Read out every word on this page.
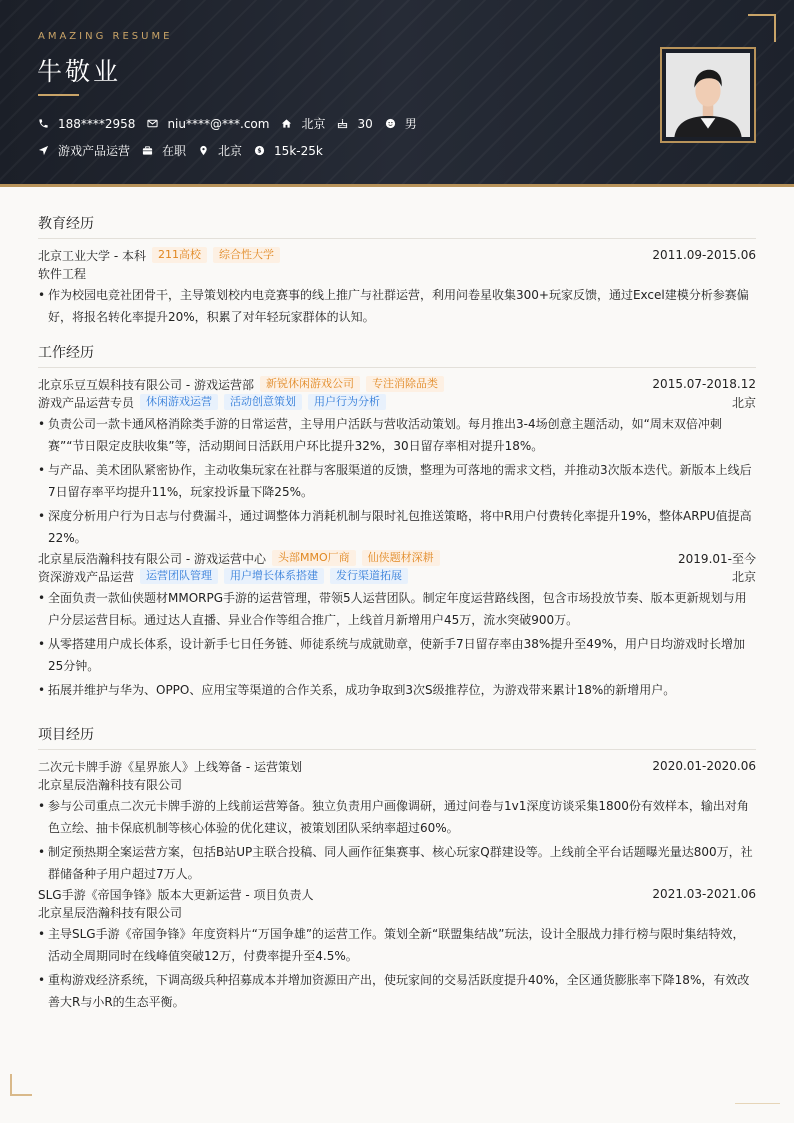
AMAZING RESUME
牛敬业
188****2958	niu****@***.com	北京	30	男
游戏产品运营	在职	北京 $ 15k-25k
教育经历
北京工业大学 - 本科	211高校	综合性大学	2011.09-2015.06
软件工程
• 作为校园电竞社团骨干，主导策划校内电竞赛事的线上推广与社群运营，利用问卷星收集300+玩家反馈，通过Excel建模分析参赛偏好，将报名转化率提升20%，积累了对年轻玩家群体的认知。
工作经历
北京乐豆互娱科技有限公司 - 游戏运营部	新锐休闲游戏公司	专注消除品类	2015.07-2018.12
游戏产品运营专员	休闲游戏运营	活动创意策划	用户行为分析	北京
• 负责公司一款卡通风格消除类手游的日常运营，主导用户活跃与营收活动策划。每月推出3-4场创意主题活动，如“周末双倍冲刺赛”“节日限定皮肤收集”等，活动期间日活跃用户环比提升32%，30日留存率相对提升18%。
• 与产品、美术团队紧密协作，主动收集玩家在社群与客服渠道的反馈，整理为可落地的需求文档，并推动3次版本迭代。新版本上线后7日留存率平均提升11%，玩家投诉量下降25%。
• 深度分析用户行为日志与付费漏斗，通过调整体力消耗机制与限时礼包推送策略，将中R用户付费转化率提升19%，整体ARPU值提高22%。
北京星辰浩瀚科技有限公司 - 游戏运营中心	头部MMO厂商	仙侠题材深耕	2019.01-至今
资深游戏产品运营	运营团队管理	用户增长体系搭建	发行渠道拓展	北京
• 全面负责一款仙侠题材MMORPG手游的运营管理，带领5人运营团队。制定年度运营路线图，包含市场投放节奏、版本更新规划与用户分层运营目标。通过达人直播、异业合作等组合推广，上线首月新增用户45万，流水突破900万。
• 从零搭建用户成长体系，设计新手七日任务链、师徒系统与成就勋章，使新手7日留存率由38%提升至49%，用户日均游戏时长增加25分钟。
• 拓展并维护与华为、OPPO、应用宝等渠道的合作关系，成功争取到3次S级推荐位，为游戏带来累计18%的新增用户。
项目经历
二次元卡牌手游《星界旅人》上线筹备 - 运营策划	2020.01-2020.06
北京星辰浩瀚科技有限公司
• 参与公司重点二次元卡牌手游的上线前运营筹备。独立负责用户画像调研，通过问卷与1v1深度访谈采集1800份有效样本，输出对角色立绘、抽卡保底机制等核心体验的优化建议，被策划团队采纳率超过60%。
• 制定预热期全案运营方案，包括B站UP主联合投稿、同人画作征集赛事、核心玩家Q群建设等。上线前全平台话题曝光量达800万，社群储备种子用户超过7万人。
SLG手游《帝国争锋》版本大更新运营 - 项目负责人	2021.03-2021.06
北京星辰浩瀚科技有限公司
• 主导SLG手游《帝国争锋》年度资料片“万国争雄”的运营工作。策划全新“联盟集结战”玩法，设计全服战力排行榜与限时集结特效，活动全周期同时在线峰值突破12万，付费率提升至4.5%。
• 重构游戏经济系统，下调高级兵种招募成本并增加资源田产出，使玩家间的交易活跃度提升40%，全区通货膨胀率下降18%，有效改善大R与小R的生态平衡。
